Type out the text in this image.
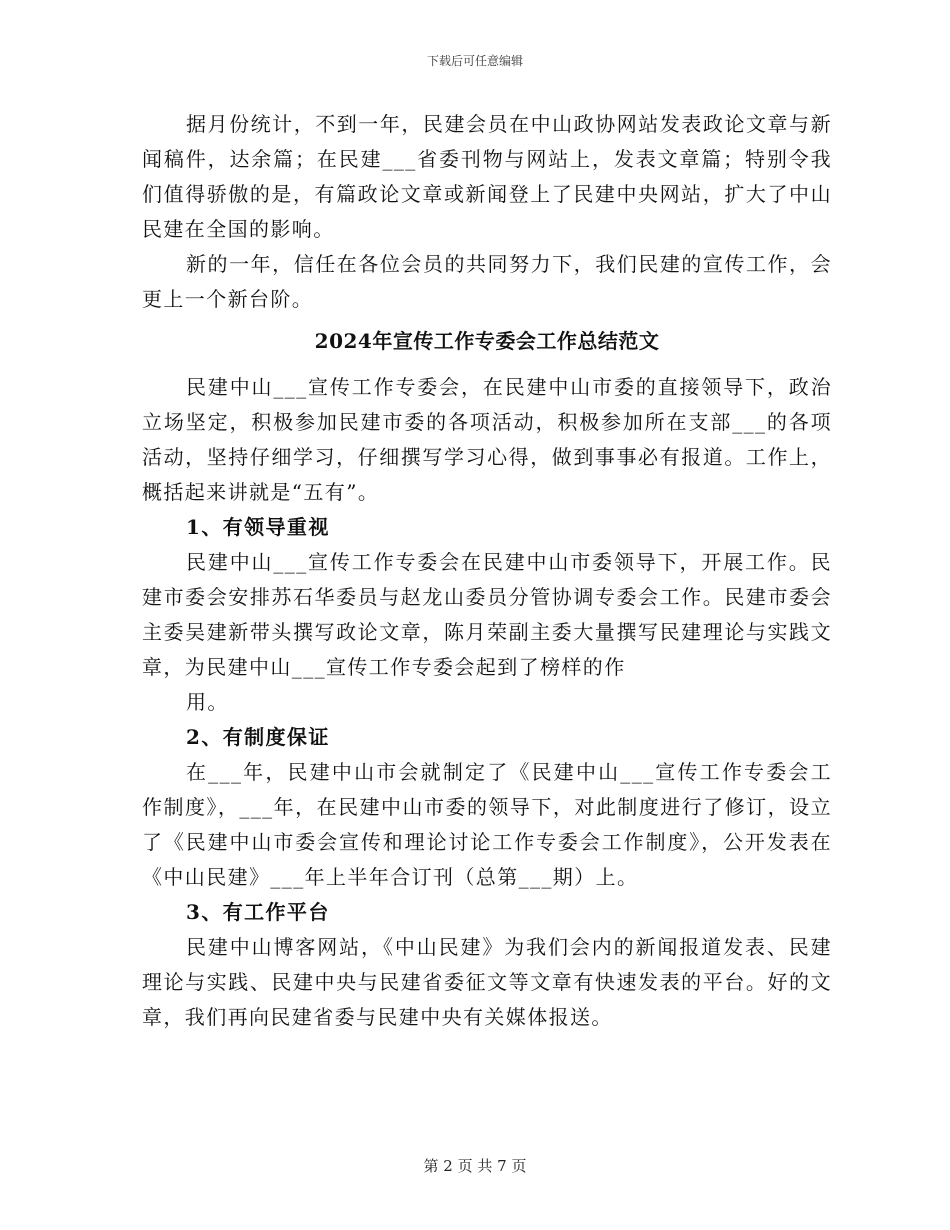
下载后可任意编辑

据月份统计，不到一年，民建会员在中山政协网站发表政论文章与新闻稿件，达余篇；在民建___省委刊物与网站上，发表文章篇；特别令我们值得骄傲的是，有篇政论文章或新闻登上了民建中央网站，扩大了中山民建在全国的影响。

新的一年，信任在各位会员的共同努力下，我们民建的宣传工作，会更上一个新台阶。

2024年宣传工作专委会工作总结范文

民建中山___宣传工作专委会，在民建中山市委的直接领导下，政治立场坚定，积极参加民建市委的各项活动，积极参加所在支部___的各项活动，坚持仔细学习，仔细撰写学习心得，做到事事必有报道。工作上，概括起来讲就是“五有”。

1、有领导重视

民建中山___宣传工作专委会在民建中山市委领导下，开展工作。民建市委会安排苏石华委员与赵龙山委员分管协调专委会工作。民建市委会主委吴建新带头撰写政论文章，陈月荣副主委大量撰写民建理论与实践文章，为民建中山___宣传工作专委会起到了榜样的作

用。

2、有制度保证

在___年，民建中山市会就制定了《民建中山___宣传工作专委会工作制度》，___年，在民建中山市委的领导下，对此制度进行了修订，设立了《民建中山市委会宣传和理论讨论工作专委会工作制度》，公开发表在《中山民建》___年上半年合订刊（总第___期）上。

3、有工作平台

民建中山博客网站，《中山民建》为我们会内的新闻报道发表、民建理论与实践、民建中央与民建省委征文等文章有快速发表的平台。好的文章，我们再向民建省委与民建中央有关媒体报送。

第 2 页 共 7 页
